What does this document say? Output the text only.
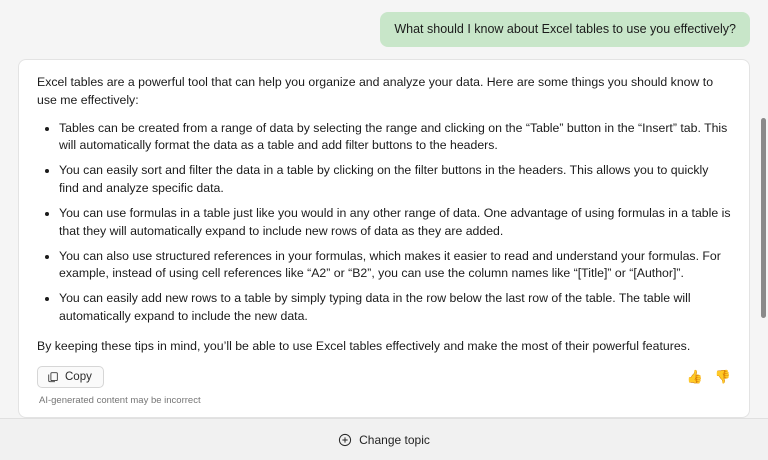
What should I know about Excel tables to use you effectively?

Excel tables are a powerful tool that can help you organize and analyze your data. Here are some things you should know to use me effectively:

• Tables can be created from a range of data by selecting the range and clicking on the “Table” button in the “Insert” tab. This will automatically format the data as a table and add filter buttons to the headers.
• You can easily sort and filter the data in a table by clicking on the filter buttons in the headers. This allows you to quickly find and analyze specific data.
• You can use formulas in a table just like you would in any other range of data. One advantage of using formulas in a table is that they will automatically expand to include new rows of data as they are added.
• You can also use structured references in your formulas, which makes it easier to read and understand your formulas. For example, instead of using cell references like “A2” or “B2”, you can use the column names like “[Title]” or “[Author]”.
• You can easily add new rows to a table by simply typing data in the row below the last row of the table. The table will automatically expand to include the new data.

By keeping these tips in mind, you’ll be able to use Excel tables effectively and make the most of their powerful features.

Copy
AI-generated content may be incorrect
👍 👎
Change topic
